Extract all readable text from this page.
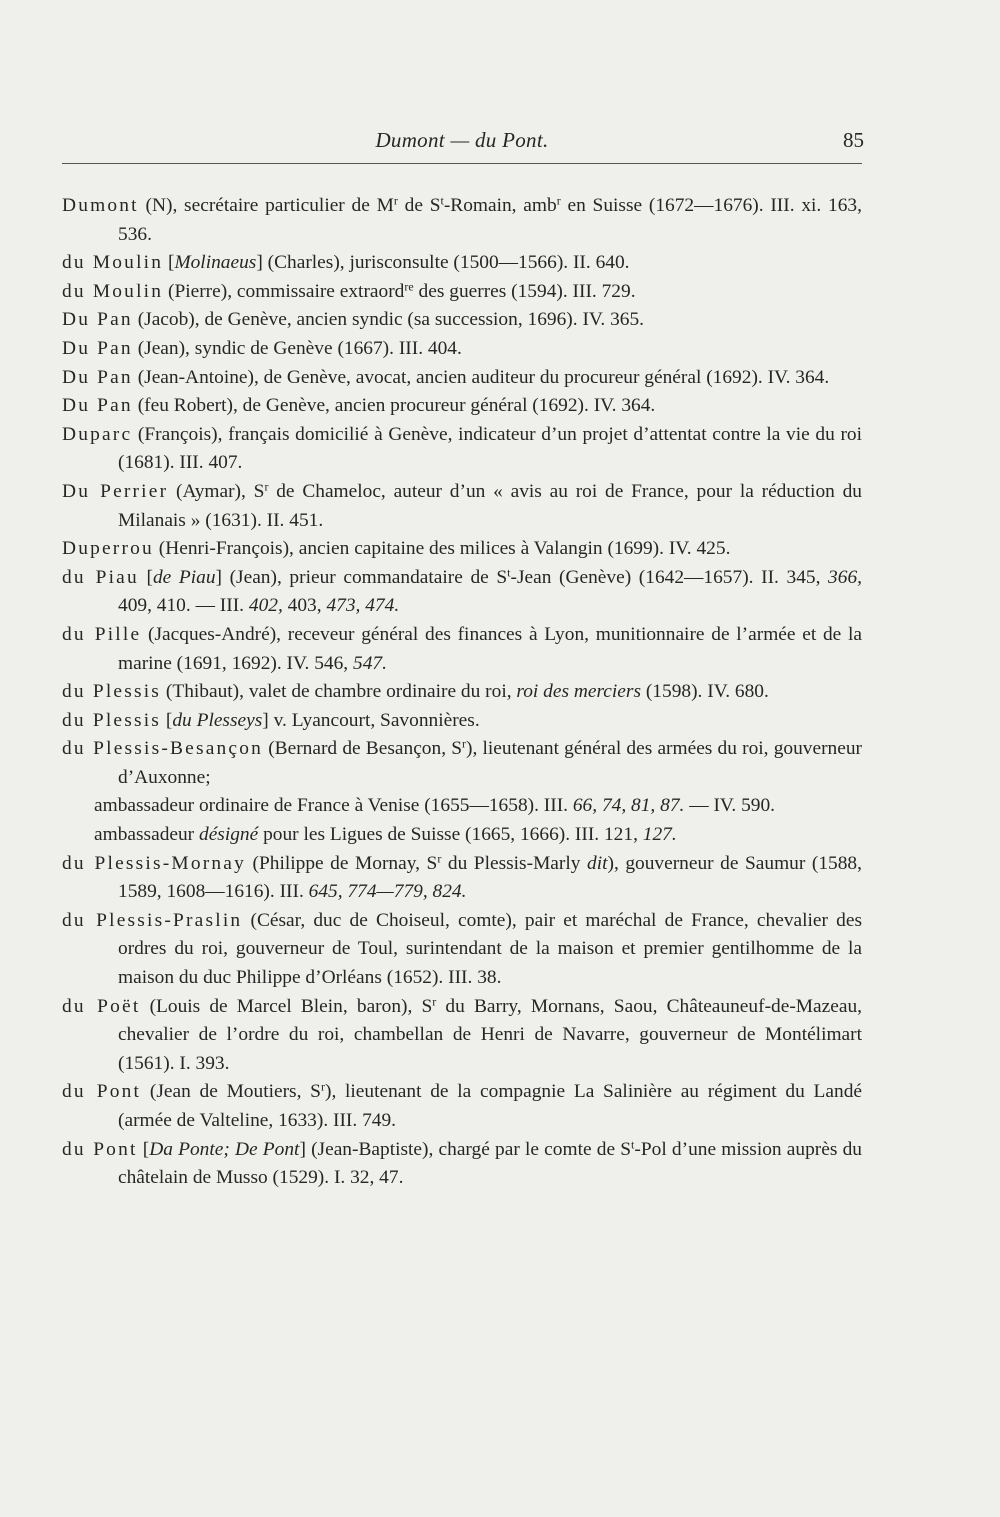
Dumont — du Pont.	85

Dumont (N), secrétaire particulier de $M^r$ de $S^t$-Romain, amb$^r$ en Suisse (1672—1676). III. xi. 163, 536.

du Moulin [Molinaeus] (Charles), jurisconsulte (1500—1566). II. 640.

du Moulin (Pierre), commissaire extraord$^{re}$ des guerres (1594). III. 729.

Du Pan (Jacob), de Genève, ancien syndic (sa succession, 1696). IV. 365.

Du Pan (Jean), syndic de Genève (1667). III. 404.

Du Pan (Jean-Antoine), de Genève, avocat, ancien auditeur du procureur général (1692). IV. 364.

Du Pan (feu Robert), de Genève, ancien procureur général (1692). IV. 364.

Duparc (François), français domicilié à Genève, indicateur d’un projet d’attentat contre la vie du roi (1681). III. 407.

Du Perrier (Aymar), $S^r$ de Chameloc, auteur d’un « avis au roi de France, pour la réduction du Milanais » (1631). II. 451.

Duperrou (Henri-François), ancien capitaine des milices à Valangin (1699). IV. 425.

du Piau [de Piau] (Jean), prieur commandataire de $S^t$-Jean (Genève) (1642—1657). II. 345, 366, 409, 410. — III. 402, 403, 473, 474.

du Pille (Jacques-André), receveur général des finances à Lyon, munitionnaire de l’armée et de la marine (1691, 1692). IV. 546, 547.

du Plessis (Thibaut), valet de chambre ordinaire du roi, roi des merciers (1598). IV. 680.

du Plessis [du Plesseys] v. Lyancourt, Savonnières.

du Plessis-Besançon (Bernard de Besançon, $S^r$), lieutenant général des armées du roi, gouverneur d’Auxonne;

ambassadeur ordinaire de France à Venise (1655—1658). III. 66, 74, 81, 87. — IV. 590.

ambassadeur désigné pour les Ligues de Suisse (1665, 1666). III. 121, 127.

du Plessis-Mornay (Philippe de Mornay, $S^r$ du Plessis-Marly dit), gouverneur de Saumur (1588, 1589, 1608—1616). III. 645, 774—779, 824.

du Plessis-Praslin (César, duc de Choiseul, comte), pair et maréchal de France, chevalier des ordres du roi, gouverneur de Toul, surintendant de la maison et premier gentilhomme de la maison du duc Philippe d’Orléans (1652). III. 38.

du Poët (Louis de Marcel Blein, baron), $S^r$ du Barry, Mornans, Saou, Châteauneuf-de-Mazeau, chevalier de l’ordre du roi, chambellan de Henri de Navarre, gouverneur de Montélimart (1561). I. 393.

du Pont (Jean de Moutiers, $S^r$), lieutenant de la compagnie La Salinière au régiment du Landé (armée de Valteline, 1633). III. 749.

du Pont [Da Ponte; De Pont] (Jean-Baptiste), chargé par le comte de $S^t$-Pol d’une mission auprès du châtelain de Musso (1529). I. 32, 47.
